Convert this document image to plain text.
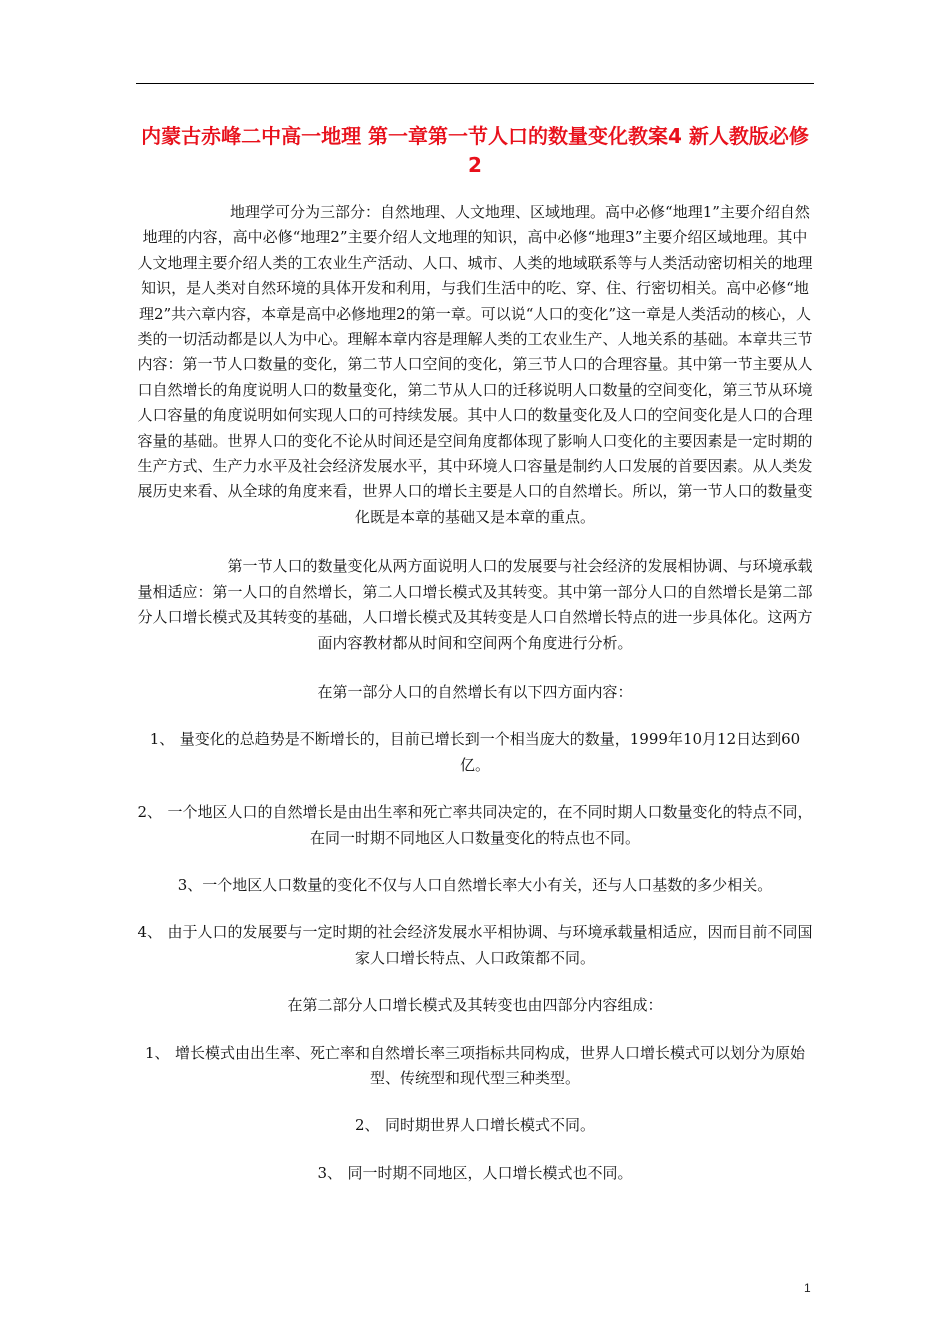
内蒙古赤峰二中高一地理 第一章第一节人口的数量变化教案4 新人教版必修2

　　　　　　地理学可分为三部分：自然地理、人文地理、区域地理。高中必修“地理1”主要介绍自然地理的内容，高中必修“地理2”主要介绍人文地理的知识，高中必修“地理3”主要介绍区域地理。其中人文地理主要介绍人类的工农业生产活动、人口、城市、人类的地域联系等与人类活动密切相关的地理知识，是人类对自然环境的具体开发和利用，与我们生活中的吃、穿、住、行密切相关。高中必修“地理2”共六章内容，本章是高中必修地理2的第一章。可以说“人口的变化”这一章是人类活动的核心，人类的一切活动都是以人为中心。理解本章内容是理解人类的工农业生产、人地关系的基础。本章共三节内容：第一节人口数量的变化，第二节人口空间的变化，第三节人口的合理容量。其中第一节主要从人口自然增长的角度说明人口的数量变化，第二节从人口的迁移说明人口数量的空间变化，第三节从环境人口容量的角度说明如何实现人口的可持续发展。其中人口的数量变化及人口的空间变化是人口的合理容量的基础。世界人口的变化不论从时间还是空间角度都体现了影响人口变化的主要因素是一定时期的生产方式、生产力水平及社会经济发展水平，其中环境人口容量是制约人口发展的首要因素。从人类发展历史来看、从全球的角度来看，世界人口的增长主要是人口的自然增长。所以，第一节人口的数量变化既是本章的基础又是本章的重点。

　　　　　　第一节人口的数量变化从两方面说明人口的发展要与社会经济的发展相协调、与环境承载量相适应：第一人口的自然增长，第二人口增长模式及其转变。其中第一部分人口的自然增长是第二部分人口增长模式及其转变的基础，人口增长模式及其转变是人口自然增长特点的进一步具体化。这两方面内容教材都从时间和空间两个角度进行分析。

在第一部分人口的自然增长有以下四方面内容：

1、 量变化的总趋势是不断增长的，目前已增长到一个相当庞大的数量，1999年10月12日达到60亿。

2、 一个地区人口的自然增长是由出生率和死亡率共同决定的，在不同时期人口数量变化的特点不同，在同一时期不同地区人口数量变化的特点也不同。

3、一个地区人口数量的变化不仅与人口自然增长率大小有关，还与人口基数的多少相关。

4、 由于人口的发展要与一定时期的社会经济发展水平相协调、与环境承载量相适应，因而目前不同国家人口增长特点、人口政策都不同。

在第二部分人口增长模式及其转变也由四部分内容组成：

1、 增长模式由出生率、死亡率和自然增长率三项指标共同构成，世界人口增长模式可以划分为原始型、传统型和现代型三种类型。

2、 同时期世界人口增长模式不同。

3、 同一时期不同地区，人口增长模式也不同。

1
